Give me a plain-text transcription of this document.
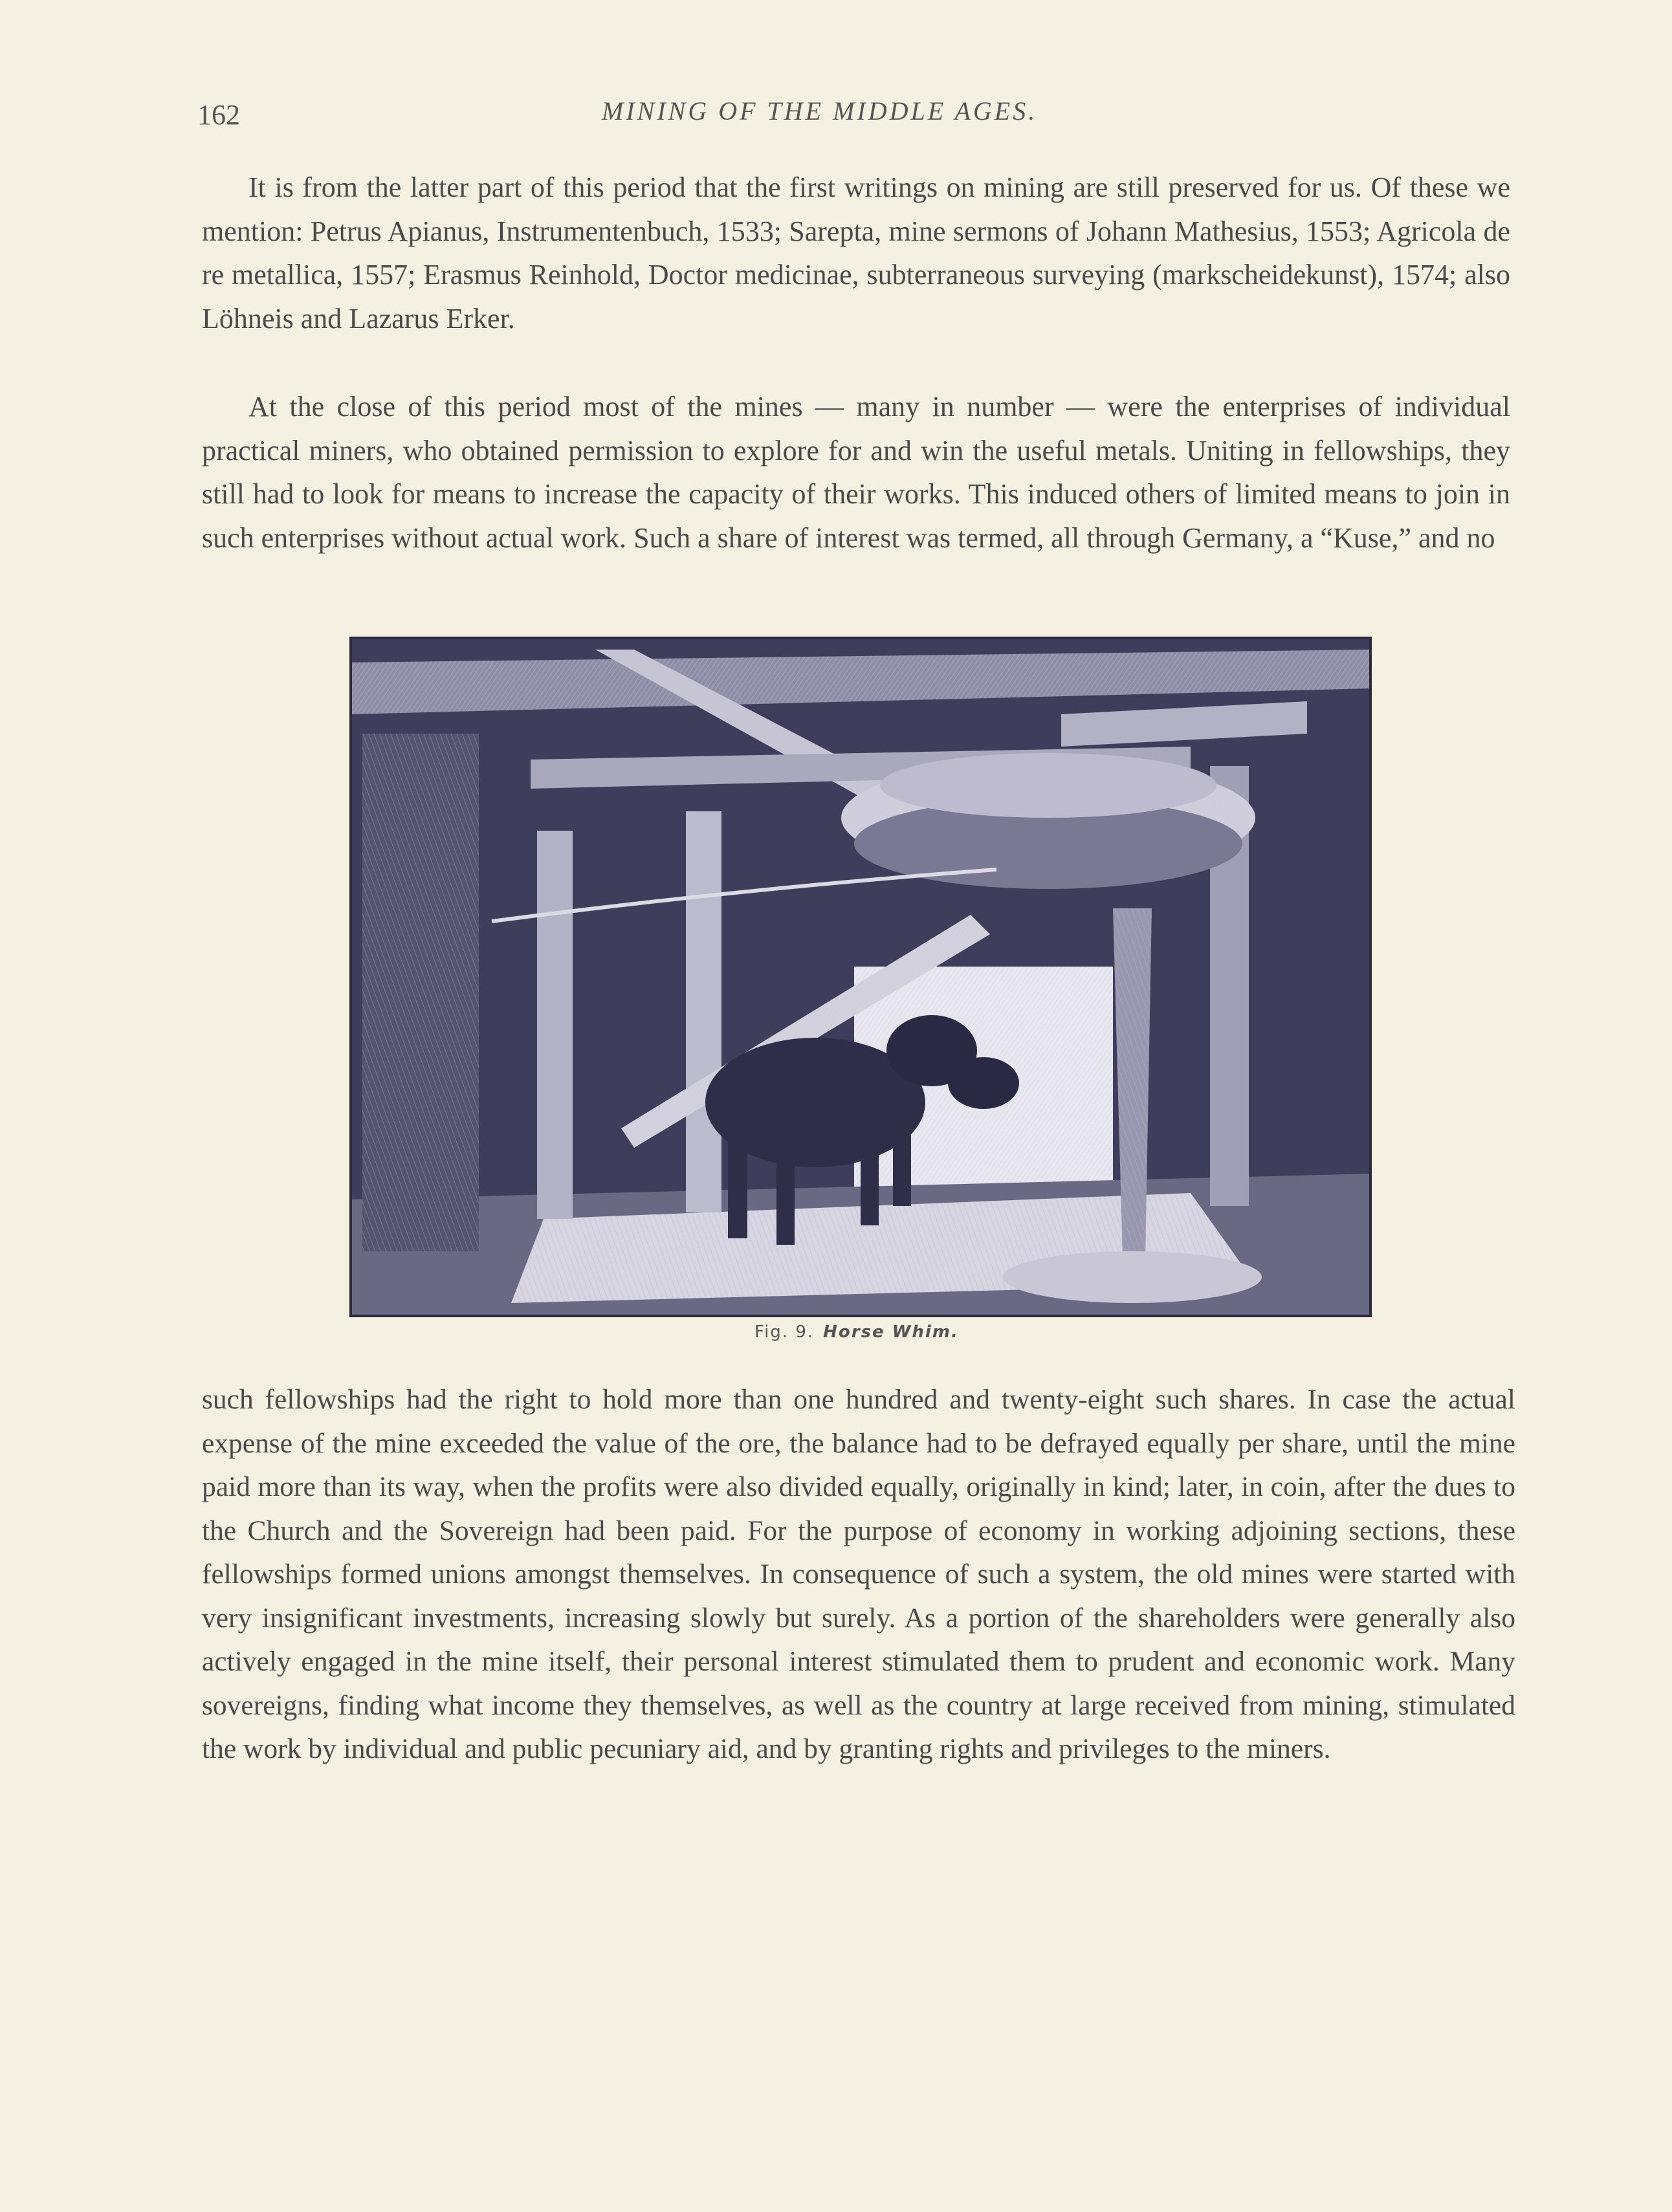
162	MINING OF THE MIDDLE AGES.

It is from the latter part of this period that the first writings on mining are still preserved for us. Of these we mention: Petrus Apianus, Instrumentenbuch, 1533; Sarepta, mine sermons of Johann Mathesius, 1553; Agricola de re metallica, 1557; Erasmus Reinhold, Doctor medicinae, subterraneous surveying (markscheidekunst), 1574; also Löhneis and Lazarus Erker.

At the close of this period most of the mines — many in number — were the enterprises of individual practical miners, who obtained permission to explore for and win the useful metals. Uniting in fellowships, they still had to look for means to increase the capacity of their works. This induced others of limited means to join in such enterprises without actual work. Such a share of interest was termed, all through Germany, a “Kuse,” and no

Fig. 9. Horse Whim.

such fellowships had the right to hold more than one hundred and twenty-eight such shares. In case the actual expense of the mine exceeded the value of the ore, the balance had to be defrayed equally per share, until the mine paid more than its way, when the profits were also divided equally, originally in kind; later, in coin, after the dues to the Church and the Sovereign had been paid. For the purpose of economy in working adjoining sections, these fellowships formed unions amongst themselves. In consequence of such a system, the old mines were started with very insignificant investments, increasing slowly but surely. As a portion of the shareholders were generally also actively engaged in the mine itself, their personal interest stimulated them to prudent and economic work. Many sovereigns, finding what income they themselves, as well as the country at large received from mining, stimulated the work by individual and public pecuniary aid, and by granting rights and privileges to the miners.
